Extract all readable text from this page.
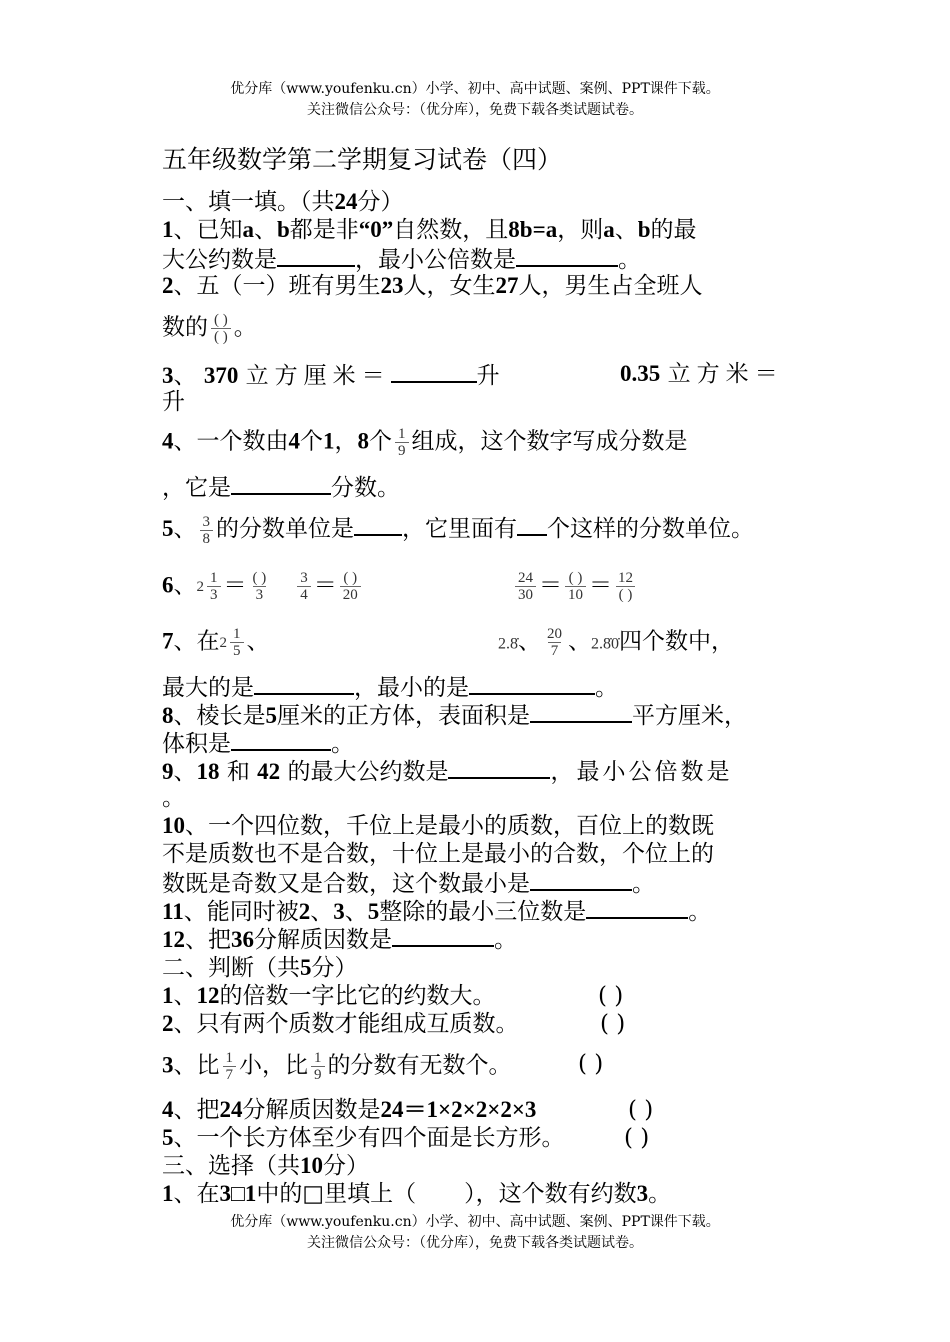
优分库（www.youfenku.cn）小学、初中、高中试题、案例、PPT课件下载。
关注微信公众号：（优分库），免费下载各类试题试卷。
五年级数学第二学期复习试卷（四）
一、填一填。（共24分）
1、已知a、b都是非“0”自然数，且8b=a，则a、b的最
大公约数是	，最小公倍数是	。
2、五（一）班有男生23人，女生27人，男生占全班人
数的 ( )
( ) 。
3、 370 立方厘米＝	升	0.35 立方米＝
升
4、一个数由4个1，8个 $\frac{1}{9}$ 组成，这个数字写成分数是
，它是	分数。
5、 $\frac{3}{8}$ 的分数单位是 ，它里面有 个这样的分数单位。
6、 2
1
3 ＝ ( )
$3 \frac{3}{4}$ ＝ ( )
20	$\frac{24}{30}$ ＝ ( )
10 ＝ 12
( )
7、在 2
1
5 、	2.8̇、 $\frac{20}{7}$ 、2.8̇0̇四个数中，
最大的是	，最小的是	。
8、棱长是5厘米的正方体，表面积是	平方厘米，
体积是	。
9、18 和 42 的最大公约数是	，最小公倍数是
。
10、一个四位数，千位上是最小的质数，百位上的数既
不是质数也不是合数，十位上是最小的合数，个位上的
数既是奇数又是合数，这个数最小是	。
11、能同时被2、3、5整除的最小三位数是	。
12、把36分解质因数是	。
二、判断（共5分）
1、12的倍数一字比它的约数大。	( )
2、只有两个质数才能组成互质数。	( )
3、比 $\frac{1}{7}$ 小，比 $\frac{1}{9}$ 的分数有无数个。	( )
4、把24分解质因数是24＝1×2×2×2×3	( )
5、一个长方体至少有四个面是长方形。	( )
三、选择（共10分）
1、在3□1中的□里填上（ ），这个数有约数3。
优分库（www.youfenku.cn）小学、初中、高中试题、案例、PPT课件下载。
关注微信公众号：（优分库），免费下载各类试题试卷。
